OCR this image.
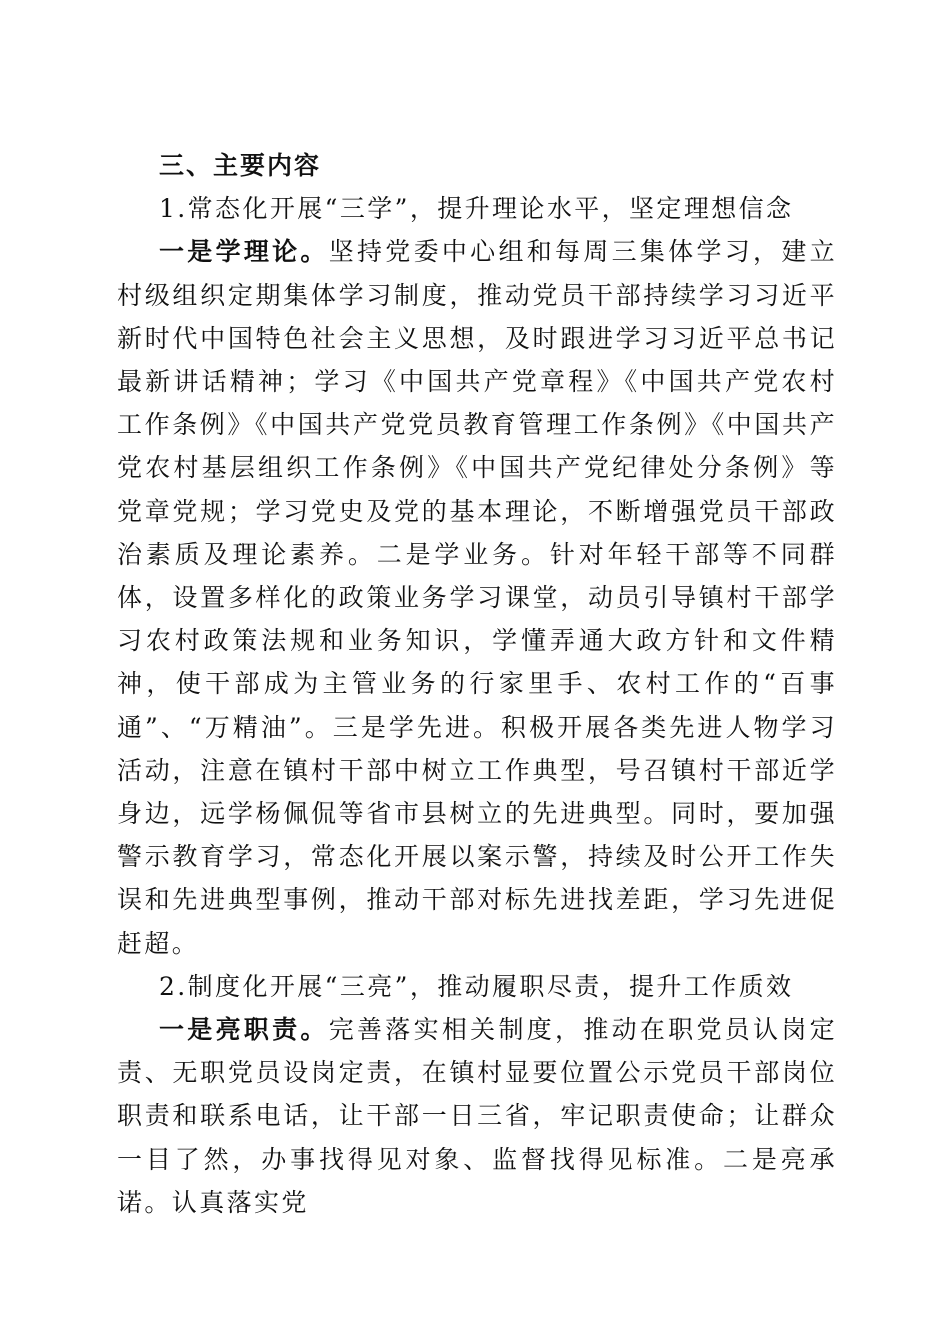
三、主要内容

1.常态化开展“三学”，提升理论水平，坚定理想信念

一是学理论。坚持党委中心组和每周三集体学习，建立村级组织定期集体学习制度，推动党员干部持续学习习近平新时代中国特色社会主义思想，及时跟进学习习近平总书记最新讲话精神；学习《中国共产党章程》《中国共产党农村工作条例》《中国共产党党员教育管理工作条例》《中国共产党农村基层组织工作条例》《中国共产党纪律处分条例》等党章党规；学习党史及党的基本理论，不断增强党员干部政治素质及理论素养。二是学业务。针对年轻干部等不同群体，设置多样化的政策业务学习课堂，动员引导镇村干部学习农村政策法规和业务知识，学懂弄通大政方针和文件精神，使干部成为主管业务的行家里手、农村工作的“百事通”、“万精油”。三是学先进。积极开展各类先进人物学习活动，注意在镇村干部中树立工作典型，号召镇村干部近学身边，远学杨佩侃等省市县树立的先进典型。同时，要加强警示教育学习，常态化开展以案示警，持续及时公开工作失误和先进典型事例，推动干部对标先进找差距，学习先进促赶超。

2.制度化开展“三亮”，推动履职尽责，提升工作质效

一是亮职责。完善落实相关制度，推动在职党员认岗定责、无职党员设岗定责，在镇村显要位置公示党员干部岗位职责和联系电话，让干部一日三省，牢记职责使命；让群众一目了然，办事找得见对象、监督找得见标准。二是亮承诺。认真落实党
